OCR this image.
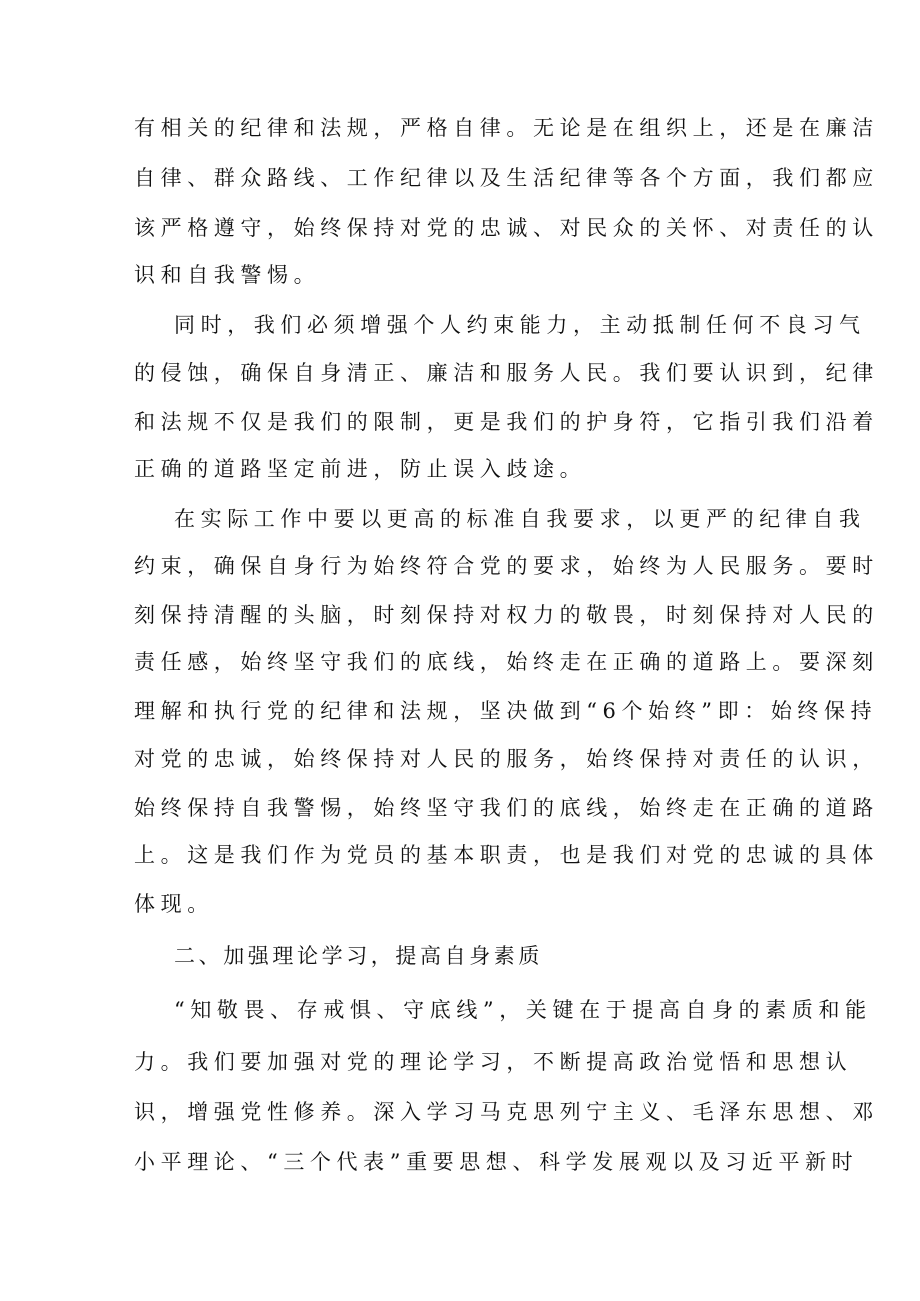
有相关的纪律和法规，严格自律。无论是在组织上，还是在廉洁
自律、群众路线、工作纪律以及生活纪律等各个方面，我们都应
该严格遵守，始终保持对党的忠诚、对民众的关怀、对责任的认
识和自我警惕。
同时，我们必须增强个人约束能力，主动抵制任何不良习气
的侵蚀，确保自身清正、廉洁和服务人民。我们要认识到，纪律
和法规不仅是我们的限制，更是我们的护身符，它指引我们沿着
正确的道路坚定前进，防止误入歧途。
在实际工作中要以更高的标准自我要求，以更严的纪律自我
约束，确保自身行为始终符合党的要求，始终为人民服务。要时
刻保持清醒的头脑，时刻保持对权力的敬畏，时刻保持对人民的
责任感，始终坚守我们的底线，始终走在正确的道路上。要深刻
理解和执行党的纪律和法规，坚决做到“6个始终”即：始终保持
对党的忠诚，始终保持对人民的服务，始终保持对责任的认识，
始终保持自我警惕，始终坚守我们的底线，始终走在正确的道路
上。这是我们作为党员的基本职责，也是我们对党的忠诚的具体
体现。
二、加强理论学习，提高自身素质
“知敬畏、存戒惧、守底线”，关键在于提高自身的素质和能
力。我们要加强对党的理论学习，不断提高政治觉悟和思想认
识，增强党性修养。深入学习马克思列宁主义、毛泽东思想、邓
小平理论、“三个代表”重要思想、科学发展观以及习近平新时
